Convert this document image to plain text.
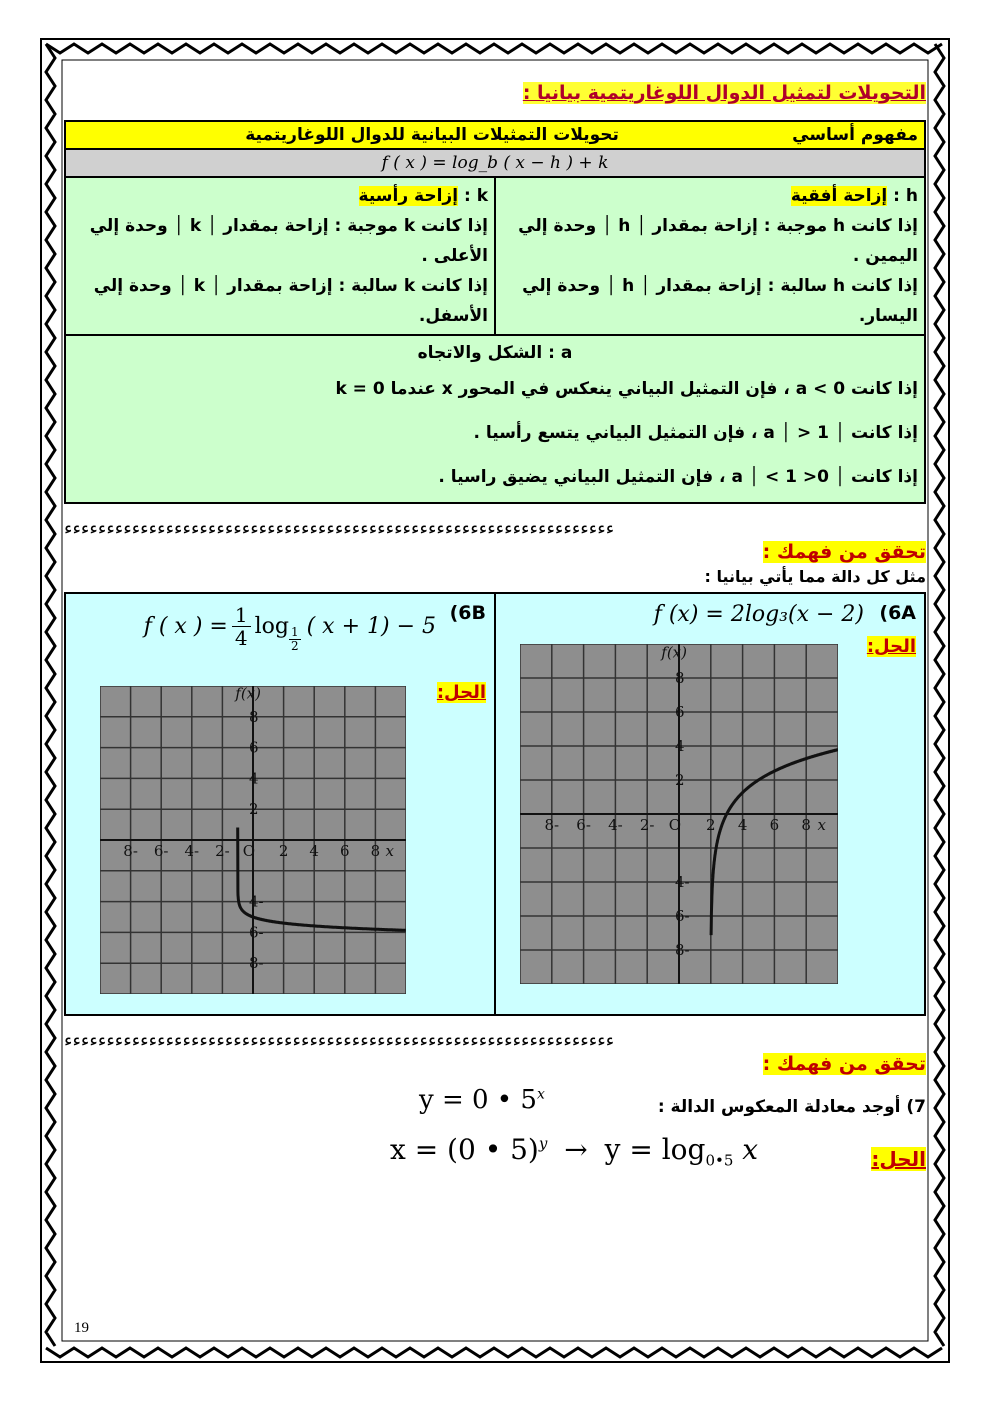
التحويلات لتمثيل الدوال اللوغاريتمية بيانيا :
مفهوم أساسي
تحويلات التمثيلات البيانية للدوال اللوغاريتمية

f ( x ) = log_b ( x − h ) + k

h : إزاحة أفقية
إذا كانت h موجبة : إزاحة بمقدار │ h │ وحدة إلي اليمين .
إذا كانت h سالبة : إزاحة بمقدار │ h │ وحدة إلي اليسار.

k : إزاحة رأسية
إذا كانت k موجبة : إزاحة بمقدار │ k │ وحدة إلي الأعلى .
إذا كانت k سالبة : إزاحة بمقدار │ k │ وحدة إلي الأسفل.

a : الشكل والاتجاه
إذا كانت a < 0 ، فإن التمثيل البياني ينعكس في المحور x عندما k = 0
إذا كانت │ a │ > 1 ، فإن التمثيل البياني يتسع رأسيا .
إذا كانت │ a │ < 1 >0 ، فإن التمثيل البياني يضيق راسيا .
ﺀﺀﺀﺀﺀﺀﺀﺀﺀﺀﺀﺀﺀﺀﺀﺀﺀﺀﺀﺀﺀﺀﺀﺀﺀﺀﺀﺀﺀﺀﺀﺀﺀﺀﺀﺀﺀﺀﺀﺀﺀﺀﺀﺀﺀﺀﺀﺀﺀﺀﺀﺀﺀﺀﺀﺀﺀﺀﺀﺀﺀﺀﺀﺀﺀ
تحقق من فهمك :
مثل كل دالة مما يأتي بيانيا :
(6A
f (x) = 2log₃(x − 2)
الحل:
-8 -6 -4 -2	2 4 6 8
8
6
4
2
-4
-6
-8
O
f(x)
x

(6B
f ( x ) = $\frac{1}{4}$ $\log \frac{1}{2}$ ( x + 1) − 5
الحل:
-8 -6 -4 -2	2 4 6 8
8
6
4
2
-4
-6
-8
O
f(x)
x
ﺀﺀﺀﺀﺀﺀﺀﺀﺀﺀﺀﺀﺀﺀﺀﺀﺀﺀﺀﺀﺀﺀﺀﺀﺀﺀﺀﺀﺀﺀﺀﺀﺀﺀﺀﺀﺀﺀﺀﺀﺀﺀﺀﺀﺀﺀﺀﺀﺀﺀﺀﺀﺀﺀﺀﺀﺀﺀﺀﺀﺀﺀﺀﺀﺀ
تحقق من فهمك :
7) أوجد معادلة المعكوس الدالة :
y = 0 • 5$^x$
الحل:
x = (0 • $5)^y \to y = \log_{0•5} x$
19
